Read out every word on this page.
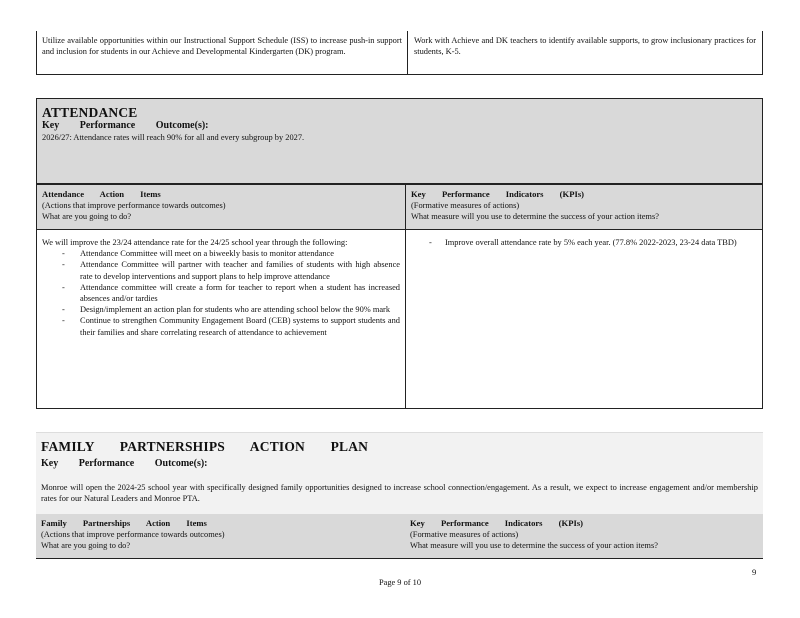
Utilize available opportunities within our Instructional Support Schedule (ISS) to increase push-in support and inclusion for students in our Achieve and Developmental Kindergarten (DK) program.
Work with Achieve and DK teachers to identify available supports, to grow inclusionary practices for students, K-5.
ATTENDANCE
Key Performance Outcome(s):
2026/27: Attendance rates will reach 90% for all and every subgroup by 2027.
Attendance Action Items
(Actions that improve performance towards outcomes)
What are you going to do?
We will improve the 23/24 attendance rate for the 24/25 school year through the following:
- Attendance Committee will meet on a biweekly basis to monitor attendance
- Attendance Committee will partner with teacher and families of students with high absence rate to develop interventions and support plans to help improve attendance
- Attendance committee will create a form for teacher to report when a student has increased absences and/or tardies
- Design/implement an action plan for students who are attending school below the 90% mark
- Continue to strengthen Community Engagement Board (CEB) systems to support students and their families and share correlating research of attendance to achievement
Key Performance Indicators (KPIs)
(Formative measures of actions)
What measure will you use to determine the success of your action items?
- Improve overall attendance rate by 5% each year. (77.8% 2022-2023, 23-24 data TBD)
FAMILY PARTNERSHIPS ACTION PLAN
Key Performance Outcome(s):
Monroe will open the 2024-25 school year with specifically designed family opportunities designed to increase school connection/engagement. As a result, we expect to increase engagement and/or membership rates for our Natural Leaders and Monroe PTA.
Family Partnerships Action Items
(Actions that improve performance towards outcomes)
What are you going to do?
Key Performance Indicators (KPIs)
(Formative measures of actions)
What measure will you use to determine the success of your action items?
9
Page 9 of 10
